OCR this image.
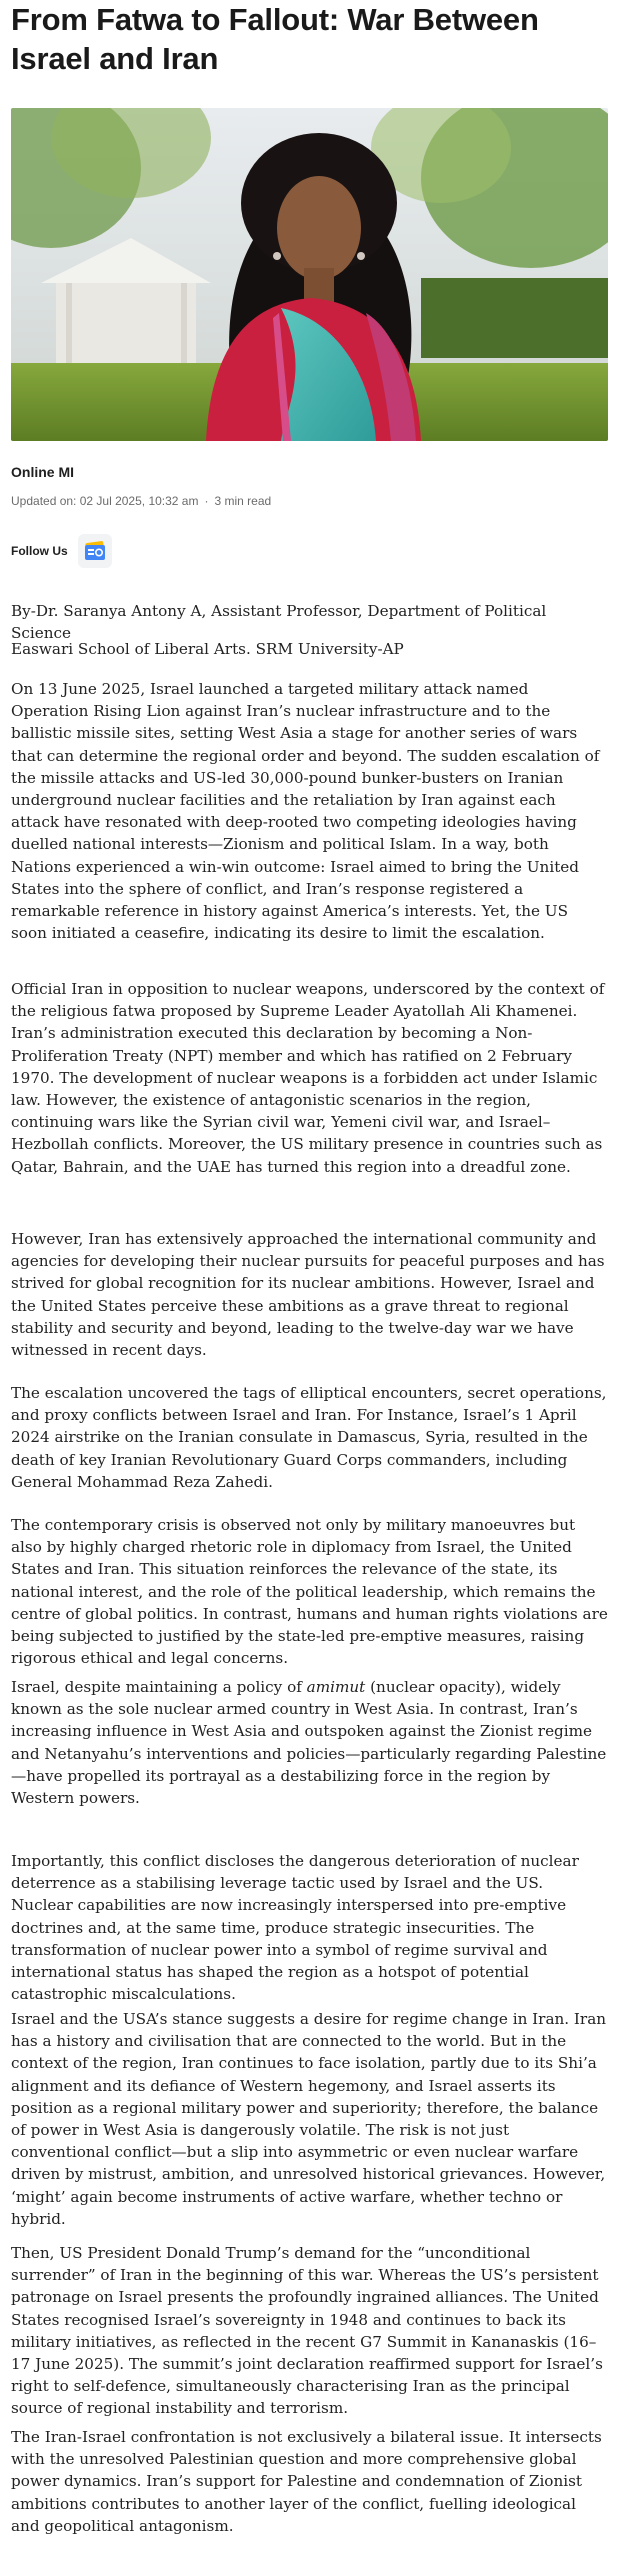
From Fatwa to Fallout: War Between Israel and Iran
Online MI
Updated on: 02 Jul 2025, 10:32 am · 3 min read
Follow Us

By-Dr. Saranya Antony A, Assistant Professor, Department of Political Science

Easwari School of Liberal Arts. SRM University-AP

On 13 June 2025, Israel launched a targeted military attack named Operation Rising Lion against Iran’s nuclear infrastructure and to the ballistic missile sites, setting West Asia a stage for another series of wars that can determine the regional order and beyond. The sudden escalation of the missile attacks and US-led 30,000-pound bunker-busters on Iranian underground nuclear facilities and the retaliation by Iran against each attack have resonated with deep-rooted two competing ideologies having duelled national interests—Zionism and political Islam. In a way, both Nations experienced a win-win outcome: Israel aimed to bring the United States into the sphere of conflict, and Iran’s response registered a remarkable reference in history against America’s interests. Yet, the US soon initiated a ceasefire, indicating its desire to limit the escalation.

Official Iran in opposition to nuclear weapons, underscored by the context of the religious fatwa proposed by Supreme Leader Ayatollah Ali Khamenei. Iran’s administration executed this declaration by becoming a Non-Proliferation Treaty (NPT) member and which has ratified on 2 February 1970. The development of nuclear weapons is a forbidden act under Islamic law. However, the existence of antagonistic scenarios in the region, continuing wars like the Syrian civil war, Yemeni civil war, and Israel–Hezbollah conflicts. Moreover, the US military presence in countries such as Qatar, Bahrain, and the UAE has turned this region into a dreadful zone.

However, Iran has extensively approached the international community and agencies for developing their nuclear pursuits for peaceful purposes and has strived for global recognition for its nuclear ambitions. However, Israel and the United States perceive these ambitions as a grave threat to regional stability and security and beyond, leading to the twelve-day war we have witnessed in recent days.

The escalation uncovered the tags of elliptical encounters, secret operations, and proxy conflicts between Israel and Iran. For Instance, Israel’s 1 April 2024 airstrike on the Iranian consulate in Damascus, Syria, resulted in the death of key Iranian Revolutionary Guard Corps commanders, including General Mohammad Reza Zahedi.

The contemporary crisis is observed not only by military manoeuvres but also by highly charged rhetoric role in diplomacy from Israel, the United States and Iran. This situation reinforces the relevance of the state, its national interest, and the role of the political leadership, which remains the centre of global politics. In contrast, humans and human rights violations are being subjected to justified by the state-led pre-emptive measures, raising rigorous ethical and legal concerns.

Israel, despite maintaining a policy of amimut (nuclear opacity), widely known as the sole nuclear armed country in West Asia. In contrast, Iran’s increasing influence in West Asia and outspoken against the Zionist regime and Netanyahu’s interventions and policies—particularly regarding Palestine—have propelled its portrayal as a destabilizing force in the region by Western powers.

Importantly, this conflict discloses the dangerous deterioration of nuclear deterrence as a stabilising leverage tactic used by Israel and the US. Nuclear capabilities are now increasingly interspersed into pre-emptive doctrines and, at the same time, produce strategic insecurities. The transformation of nuclear power into a symbol of regime survival and international status has shaped the region as a hotspot of potential catastrophic miscalculations.

Israel and the USA’s stance suggests a desire for regime change in Iran. Iran has a history and civilisation that are connected to the world. But in the context of the region, Iran continues to face isolation, partly due to its Shi’a alignment and its defiance of Western hegemony, and Israel asserts its position as a regional military power and superiority; therefore, the balance of power in West Asia is dangerously volatile. The risk is not just conventional conflict—but a slip into asymmetric or even nuclear warfare driven by mistrust, ambition, and unresolved historical grievances. However, ‘might’ again become instruments of active warfare, whether techno or hybrid.

Then, US President Donald Trump’s demand for the “unconditional surrender” of Iran in the beginning of this war. Whereas the US’s persistent patronage on Israel presents the profoundly ingrained alliances. The United States recognised Israel’s sovereignty in 1948 and continues to back its military initiatives, as reflected in the recent G7 Summit in Kananaskis (16–17 June 2025). The summit’s joint declaration reaffirmed support for Israel’s right to self-defence, simultaneously characterising Iran as the principal source of regional instability and terrorism.

The Iran-Israel confrontation is not exclusively a bilateral issue. It intersects with the unresolved Palestinian question and more comprehensive global power dynamics. Iran’s support for Palestine and condemnation of Zionist ambitions contributes to another layer of the conflict, fuelling ideological and geopolitical antagonism.
